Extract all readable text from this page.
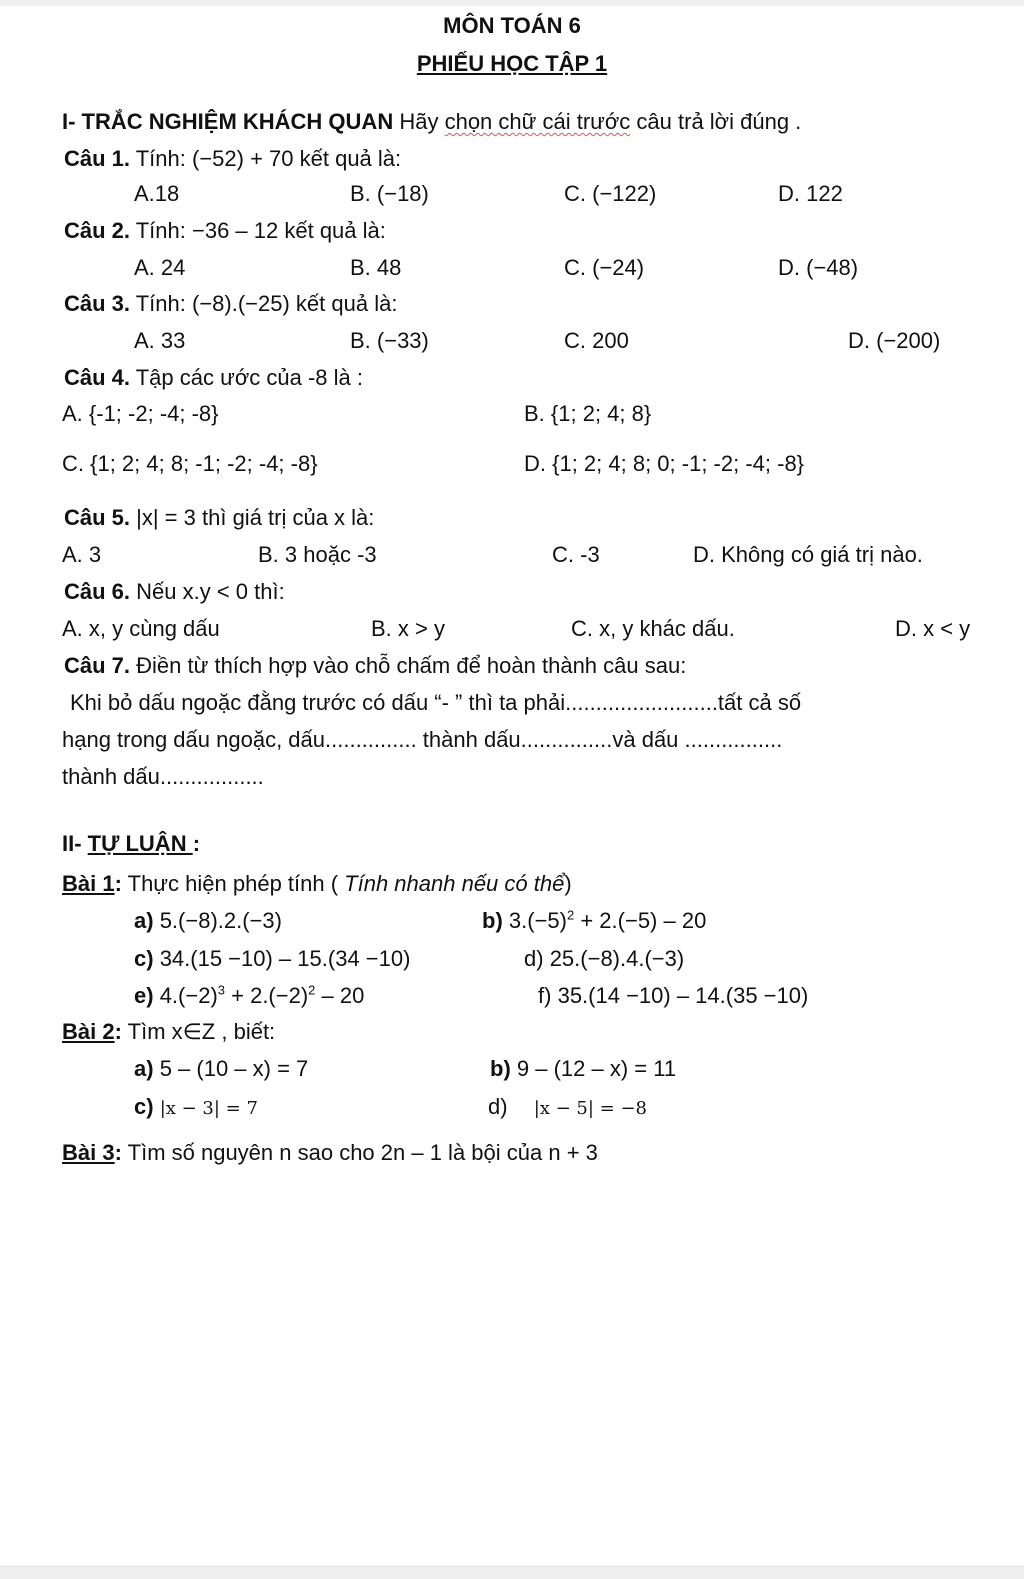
MÔN TOÁN 6
PHIẾU HỌC TẬP 1
I- TRẮC NGHIỆM KHÁCH QUAN Hãy chọn chữ cái trước câu trả lời đúng .
Câu 1. Tính: (−52) + 70 kết quả là:
A.18	B. (−18)	C. (−122)	D. 122
Câu 2. Tính: −36 – 12 kết quả là:
A. 24	B. 48	C. (−24)	D. (−48)
Câu 3. Tính: (−8).(−25) kết quả là:
A. 33	B. (−33)	C. 200	D. (−200)
Câu 4. Tập các ước của -8 là :
A. {-1; -2; -4; -8}	B. {1; 2; 4; 8}
C. {1; 2; 4; 8; -1; -2; -4; -8}	D. {1; 2; 4; 8; 0; -1; -2; -4; -8}
Câu 5. |x| = 3 thì giá trị của x là:
A. 3	B. 3 hoặc -3	C. -3	D. Không có giá trị nào.
Câu 6. Nếu x.y < 0 thì:
A. x, y cùng dấu	B. x > y	C. x, y khác dấu.	D. x < y
Câu 7. Điền từ thích hợp vào chỗ chấm để hoàn thành câu sau:
Khi bỏ dấu ngoặc đằng trước có dấu “- ” thì ta phải.........................tất cả số
hạng trong dấu ngoặc, dấu............... thành dấu...............và dấu ................
thành dấu.................
II- TỰ LUẬN :
Bài 1: Thực hiện phép tính ( Tính nhanh nếu có thể)
a) 5.(−8).2.(−3)	b) $3.(-5)^2 + 2.(-5) - 20$
c) 34.(15 −10) – 15.(34 −10)	d) 25.(−8).4.(−3)
e) $4.(-2)^3 + 2.(-2)^2 - 20$	f) 35.(14 −10) – 14.(35 −10)
Bài 2: Tìm x∈Z , biết:
a) 5 – (10 – x) = 7	b) 9 – (12 – x) = 11
c) |x − 3| = 7	d) |x − 5| = −8
Bài 3: Tìm số nguyên n sao cho 2n – 1 là bội của n + 3
